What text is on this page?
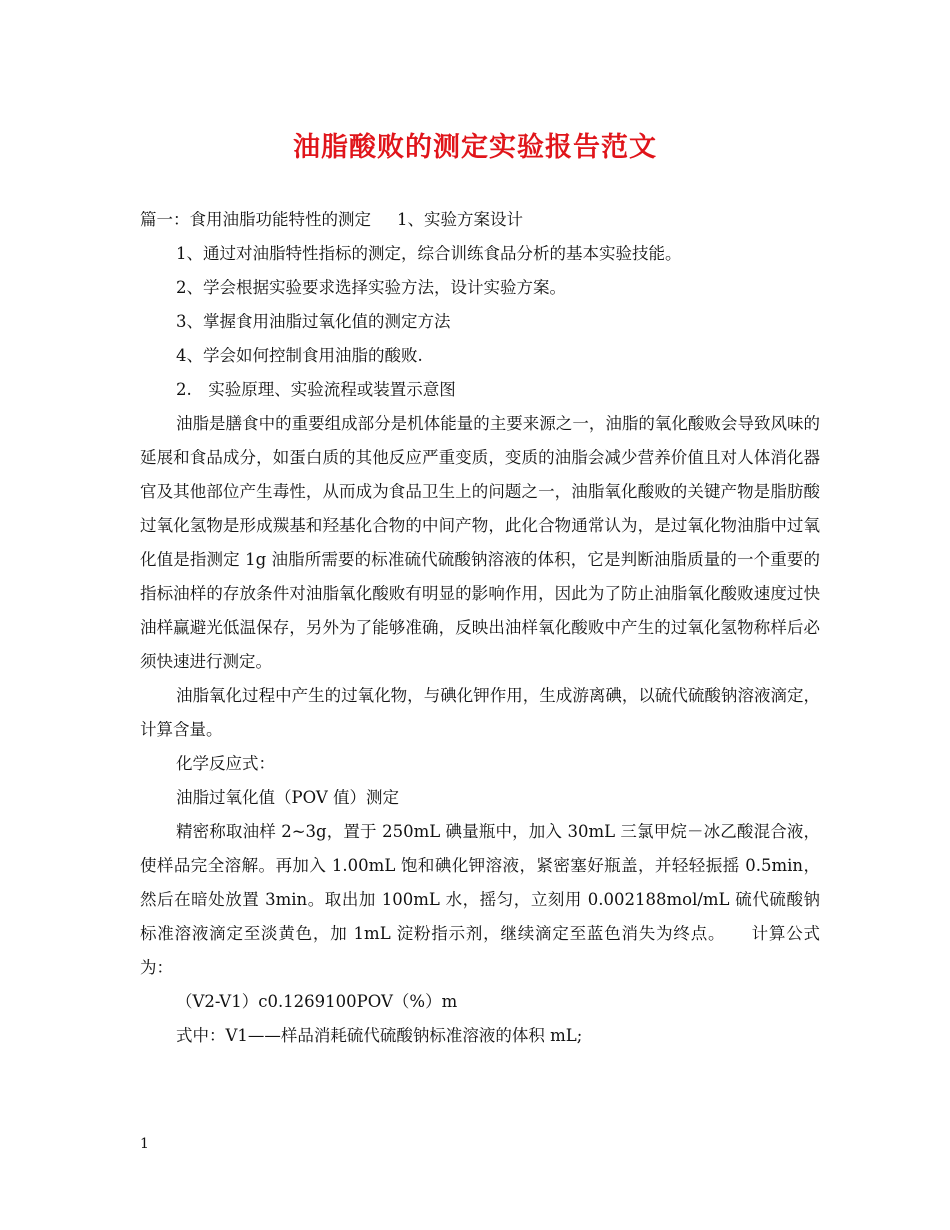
油脂酸败的测定实验报告范文

篇一：食用油脂功能特性的测定 1、实验方案设计

1、通过对油脂特性指标的测定，综合训练食品分析的基本实验技能。

2、学会根据实验要求选择实验方法，设计实验方案。

3、掌握食用油脂过氧化值的测定方法

4、学会如何控制食用油脂的酸败.

2.　实验原理、实验流程或装置示意图

油脂是膳食中的重要组成部分是机体能量的主要来源之一，油脂的氧化酸败会导致风味的延展和食品成分，如蛋白质的其他反应严重变质，变质的油脂会减少营养价值且对人体消化器官及其他部位产生毒性，从而成为食品卫生上的问题之一，油脂氧化酸败的关键产物是脂肪酸过氧化氢物是形成羰基和羟基化合物的中间产物，此化合物通常认为，是过氧化物油脂中过氧化值是指测定 1g 油脂所需要的标准硫代硫酸钠溶液的体积，它是判断油脂质量的一个重要的指标油样的存放条件对油脂氧化酸败有明显的影响作用，因此为了防止油脂氧化酸败速度过快油样赢避光低温保存，另外为了能够准确，反映出油样氧化酸败中产生的过氧化氢物称样后必须快速进行测定。

油脂氧化过程中产生的过氧化物，与碘化钾作用，生成游离碘，以硫代硫酸钠溶液滴定，计算含量。

化学反应式：

油脂过氧化值（POV 值）测定

精密称取油样 2~3g，置于 250mL 碘量瓶中，加入 30mL 三氯甲烷－冰乙酸混合液，使样品完全溶解。再加入 1.00mL 饱和碘化钾溶液，紧密塞好瓶盖，并轻轻振摇 0.5min，然后在暗处放置 3min。取出加 100mL 水，摇匀，立刻用 0.002188mol/mL 硫代硫酸钠标准溶液滴定至淡黄色，加 1mL 淀粉指示剂，继续滴定至蓝色消失为终点。　　计算公式为：

（V2-V1）c0.1269100POV（%）m

式中：V1——样品消耗硫代硫酸钠标准溶液的体积 mL;

1
